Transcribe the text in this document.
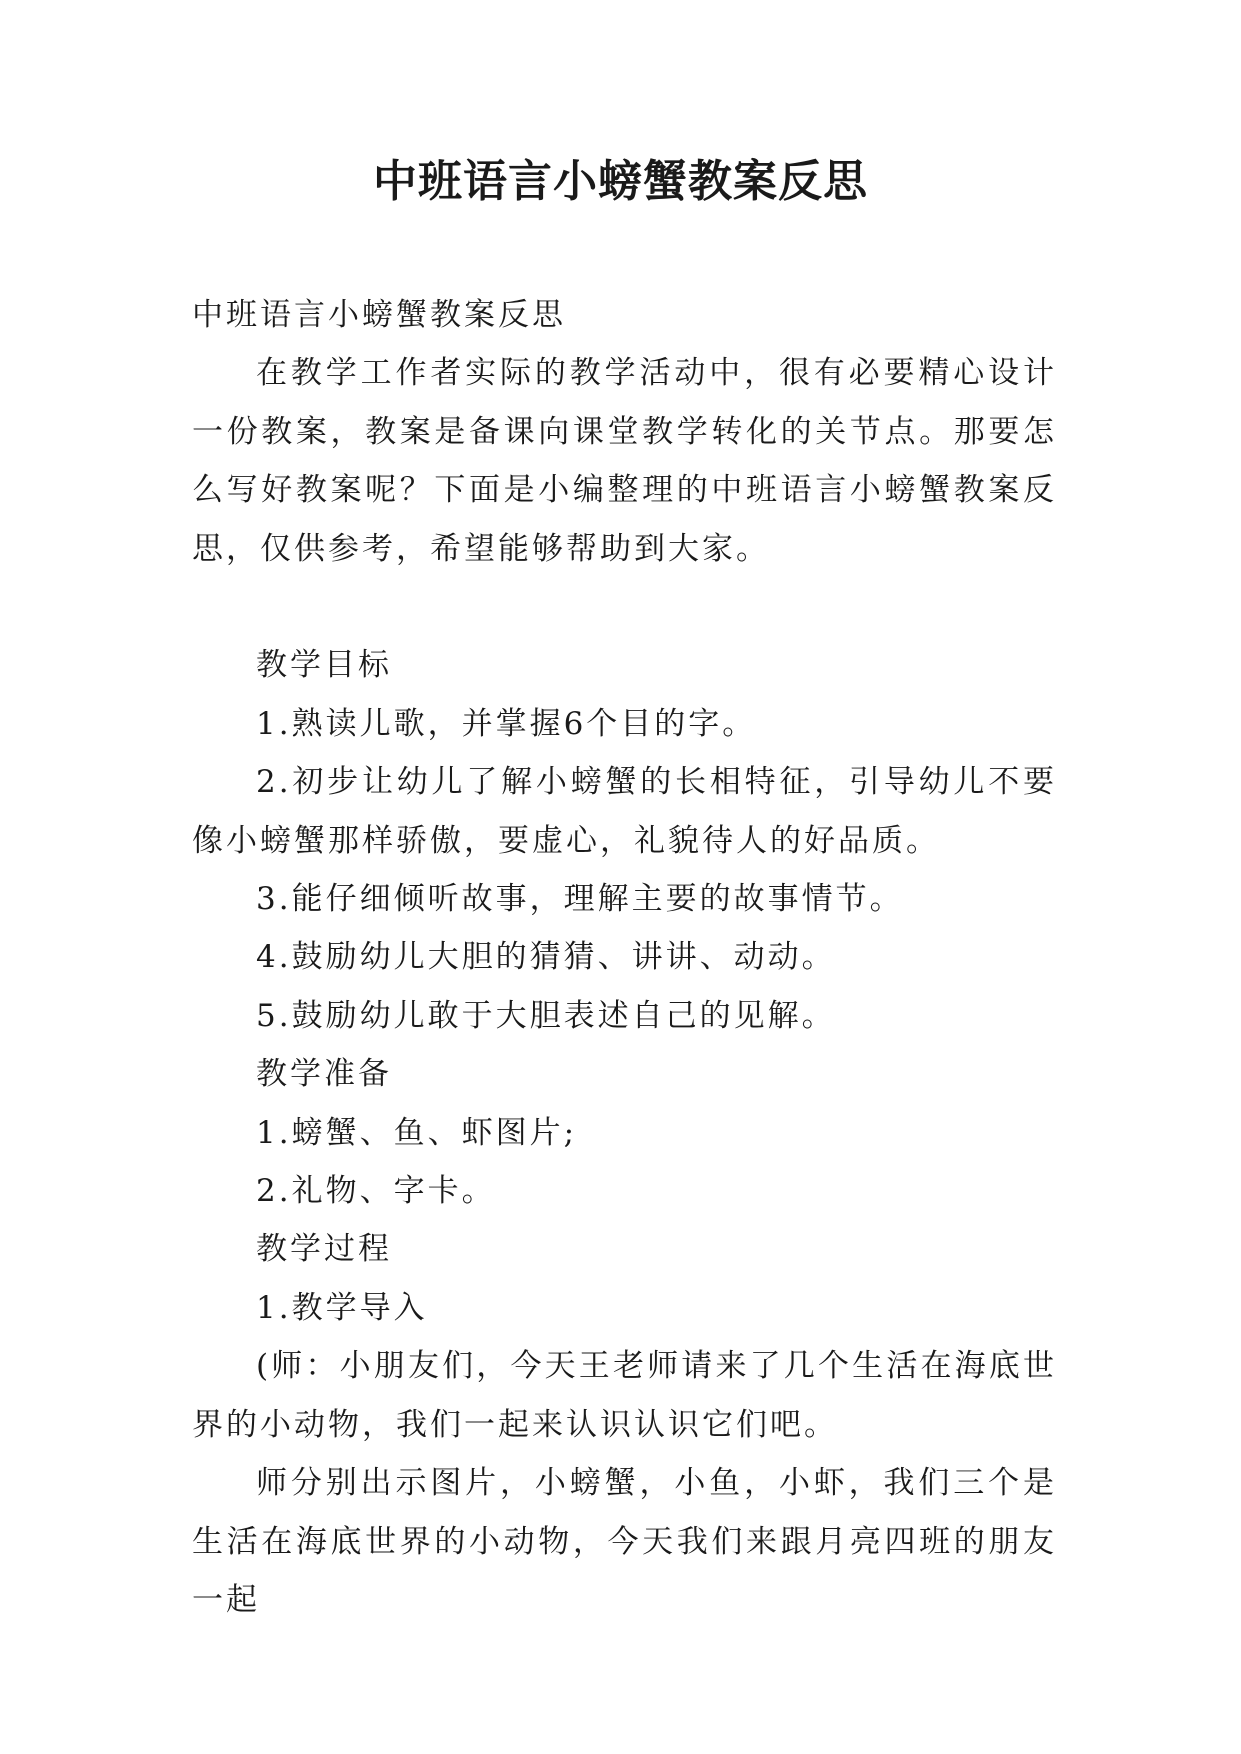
中班语言小螃蟹教案反思

中班语言小螃蟹教案反思

在教学工作者实际的教学活动中，很有必要精心设计一份教案，教案是备课向课堂教学转化的关节点。那要怎么写好教案呢？下面是小编整理的中班语言小螃蟹教案反思，仅供参考，希望能够帮助到大家。

教学目标

1.熟读儿歌，并掌握6个目的字。

2.初步让幼儿了解小螃蟹的长相特征，引导幼儿不要像小螃蟹那样骄傲，要虚心，礼貌待人的好品质。

3.能仔细倾听故事，理解主要的故事情节。

4.鼓励幼儿大胆的猜猜、讲讲、动动。

5.鼓励幼儿敢于大胆表述自己的见解。

教学准备

1.螃蟹、鱼、虾图片;

2.礼物、字卡。

教学过程

1.教学导入

(师：小朋友们，今天王老师请来了几个生活在海底世界的小动物，我们一起来认识认识它们吧。

师分别出示图片，小螃蟹，小鱼，小虾，我们三个是生活在海底世界的小动物，今天我们来跟月亮四班的朋友一起
